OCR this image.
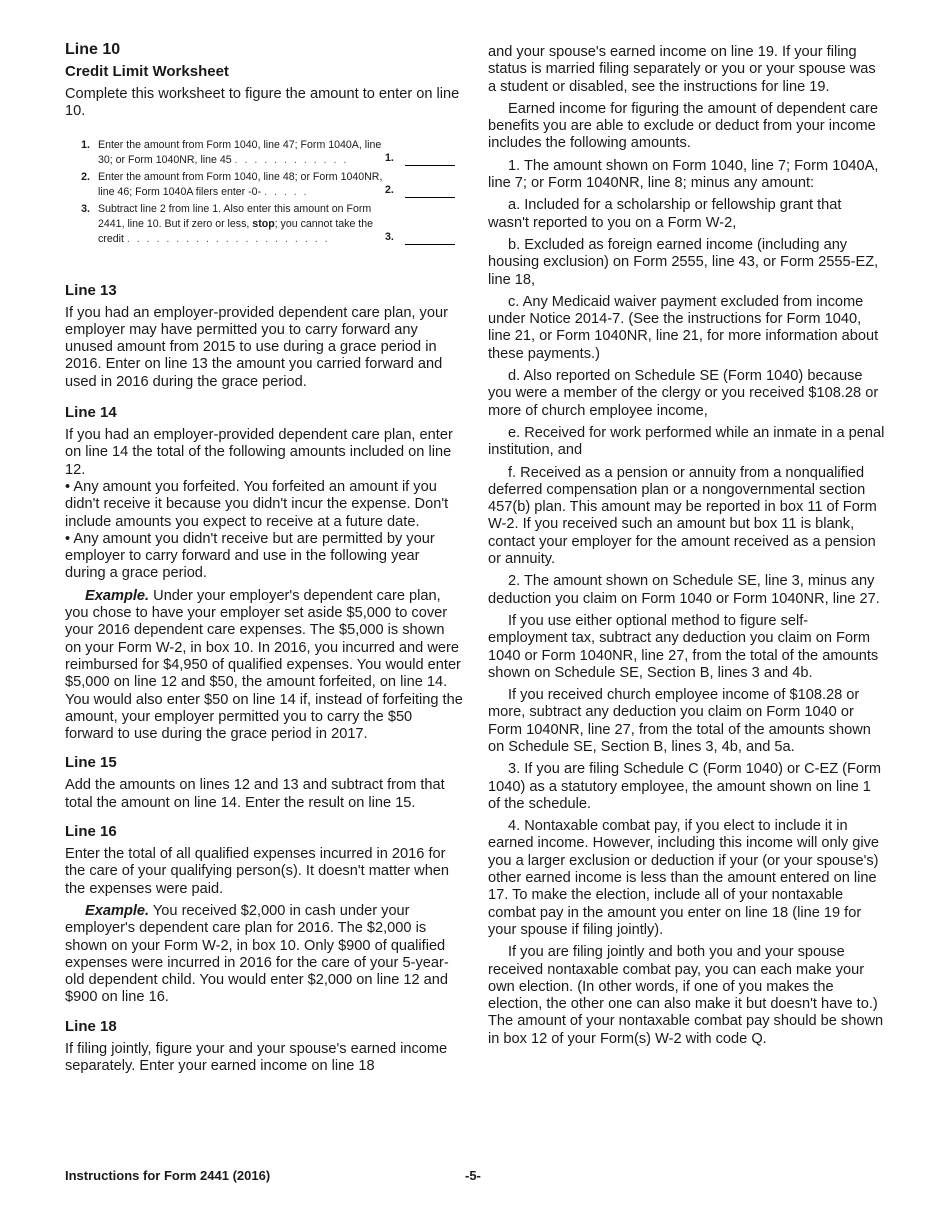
Line 10
Credit Limit Worksheet

Complete this worksheet to figure the amount to enter on line 10.

1. Enter the amount from Form 1040, line 47; Form 1040A, line 30; or Form 1040NR, line 45 . . . . . . . . . . . .	1.
2. Enter the amount from Form 1040, line 48; or Form 1040NR, line 46; Form 1040A filers enter -0- . . . . .	2.
3. Subtract line 2 from line 1. Also enter this amount on Form 2441, line 10. But if zero or less, stop; you cannot take the credit . . . . . . . . . . . . . . . . . . . . .	3.
Line 13

If you had an employer-provided dependent care plan, your employer may have permitted you to carry forward any unused amount from 2015 to use during a grace period in 2016. Enter on line 13 the amount you carried forward and used in 2016 during the grace period.

Line 14

If you had an employer-provided dependent care plan, enter on line 14 the total of the following amounts included on line 12.

• Any amount you forfeited. You forfeited an amount if you didn't receive it because you didn't incur the expense. Don't include amounts you expect to receive at a future date.

• Any amount you didn't receive but are permitted by your employer to carry forward and use in the following year during a grace period.

Example. Under your employer's dependent care plan, you chose to have your employer set aside $5,000 to cover your 2016 dependent care expenses. The $5,000 is shown on your Form W-2, in box 10. In 2016, you incurred and were reimbursed for $4,950 of qualified expenses. You would enter $5,000 on line 12 and $50, the amount forfeited, on line 14. You would also enter $50 on line 14 if, instead of forfeiting the amount, your employer permitted you to carry the $50 forward to use during the grace period in 2017.

Line 15

Add the amounts on lines 12 and 13 and subtract from that total the amount on line 14. Enter the result on line 15.

Line 16

Enter the total of all qualified expenses incurred in 2016 for the care of your qualifying person(s). It doesn't matter when the expenses were paid.

Example. You received $2,000 in cash under your employer's dependent care plan for 2016. The $2,000 is shown on your Form W-2, in box 10. Only $900 of qualified expenses were incurred in 2016 for the care of your 5-year-old dependent child. You would enter $2,000 on line 12 and $900 on line 16.

Line 18

If filing jointly, figure your and your spouse's earned income separately. Enter your earned income on line 18

and your spouse's earned income on line 19. If your filing status is married filing separately or you or your spouse was a student or disabled, see the instructions for line 19.

Earned income for figuring the amount of dependent care benefits you are able to exclude or deduct from your income includes the following amounts.

1. The amount shown on Form 1040, line 7; Form 1040A, line 7; or Form 1040NR, line 8; minus any amount:

a. Included for a scholarship or fellowship grant that wasn't reported to you on a Form W-2,

b. Excluded as foreign earned income (including any housing exclusion) on Form 2555, line 43, or Form 2555-EZ, line 18,

c. Any Medicaid waiver payment excluded from income under Notice 2014-7. (See the instructions for Form 1040, line 21, or Form 1040NR, line 21, for more information about these payments.)

d. Also reported on Schedule SE (Form 1040) because you were a member of the clergy or you received $108.28 or more of church employee income,

e. Received for work performed while an inmate in a penal institution, and

f. Received as a pension or annuity from a nonqualified deferred compensation plan or a nongovernmental section 457(b) plan. This amount may be reported in box 11 of Form W-2. If you received such an amount but box 11 is blank, contact your employer for the amount received as a pension or annuity.

2. The amount shown on Schedule SE, line 3, minus any deduction you claim on Form 1040 or Form 1040NR, line 27.

If you use either optional method to figure self-employment tax, subtract any deduction you claim on Form 1040 or Form 1040NR, line 27, from the total of the amounts shown on Schedule SE, Section B, lines 3 and 4b.

If you received church employee income of $108.28 or more, subtract any deduction you claim on Form 1040 or Form 1040NR, line 27, from the total of the amounts shown on Schedule SE, Section B, lines 3, 4b, and 5a.

3. If you are filing Schedule C (Form 1040) or C-EZ (Form 1040) as a statutory employee, the amount shown on line 1 of the schedule.

4. Nontaxable combat pay, if you elect to include it in earned income. However, including this income will only give you a larger exclusion or deduction if your (or your spouse's) other earned income is less than the amount entered on line 17. To make the election, include all of your nontaxable combat pay in the amount you enter on line 18 (line 19 for your spouse if filing jointly).

If you are filing jointly and both you and your spouse received nontaxable combat pay, you can each make your own election. (In other words, if one of you makes the election, the other one can also make it but doesn't have to.) The amount of your nontaxable combat pay should be shown in box 12 of your Form(s) W-2 with code Q.

Instructions for Form 2441 (2016)	-5-
